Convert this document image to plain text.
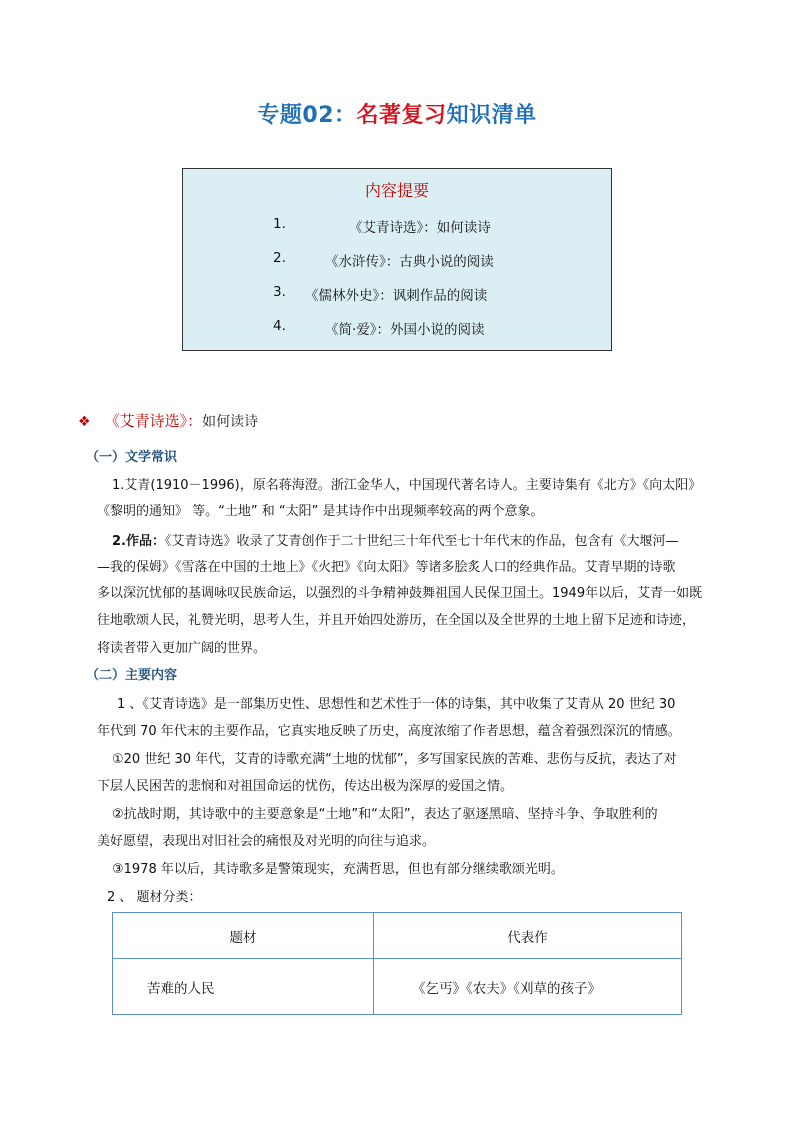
专题02：名著复习知识清单
内容提要
1.	《艾青诗选》：如何读诗
2.	《水浒传》：古典小说的阅读
3. 《儒林外史》：讽刺作品的阅读
4.	《简·爱》：外国小说的阅读
❖ 《艾青诗选》：如何读诗
（一）文学常识
1.艾青(1910－1996)，原名蒋海澄。浙江金华人，中国现代著名诗人。主要诗集有《北方》《向太阳》
《黎明的通知》 等。“土地” 和 “太阳” 是其诗作中出现频率较高的两个意象。
2.作品：《艾青诗选》收录了艾青创作于二十世纪三十年代至七十年代末的作品，包含有《大堰河—
—我的保姆》《雪落在中国的土地上》《火把》《向太阳》等诸多脍炙人口的经典作品。艾青早期的诗歌
多以深沉忧郁的基调咏叹民族命运，以强烈的斗争精神鼓舞祖国人民保卫国土。1949年以后，艾青一如既
往地歌颂人民，礼赞光明，思考人生，并且开始四处游历，在全国以及全世界的土地上留下足迹和诗迹，
将读者带入更加广阔的世界。
（二）主要内容
1 、《艾青诗选》是一部集历史性、思想性和艺术性于一体的诗集，其中收集了艾青从 20 世纪 30
年代到 70 年代末的主要作品，它真实地反映了历史，高度浓缩了作者思想，蕴含着强烈深沉的情感。
①20 世纪 30 年代，艾青的诗歌充满“土地的忧郁”，多写国家民族的苦难、悲伤与反抗，表达了对
下层人民困苦的悲悯和对祖国命运的忧伤，传达出极为深厚的爱国之情。
②抗战时期，其诗歌中的主要意象是“土地”和“太阳”，表达了驱逐黑暗、坚持斗争、争取胜利的
美好愿望，表现出对旧社会的痛恨及对光明的向往与追求。
③1978 年以后，其诗歌多是警策现实，充满哲思，但也有部分继续歌颂光明。
2 、 题材分类：
题材	代表作
苦难的人民	《乞丐》《农夫》《刈草的孩子》
